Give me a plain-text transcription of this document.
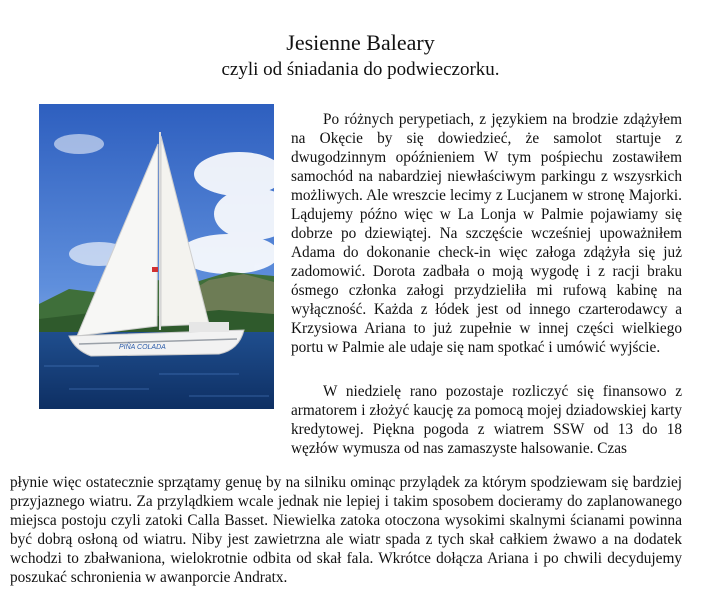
Jesienne Baleary
czyli od śniadania do podwieczorku.
PIÑA COLADA

Po różnych perypetiach, z językiem na brodzie zdążyłem na Okęcie by się dowiedzieć, że samolot startuje z dwugodzinnym opóźnieniem W tym pośpiechu zostawiłem samochód na nabardziej niewłaściwym parkingu z wszysrkich możliwych. Ale wreszcie lecimy z Lucjanem w stronę Majorki. Lądujemy późno więc w La Lonja w Palmie pojawiamy się dobrze po dziewiątej. Na szczęście wcześniej upoważniłem Adama do dokonanie check-in więc załoga zdążyła się już zadomowić. Dorota zadbała o moją wygodę i z racji braku ósmego członka załogi przydzieliła mi rufową kabinę na wyłączność. Każda z łódek jest od innego czarterodawcy a Krzysiowa Ariana to już zupełnie w innej części wielkiego portu w Palmie ale udaje się nam spotkać i umówić wyjście.

W niedzielę rano pozostaje rozliczyć się finansowo z armatorem i złożyć kaucję za pomocą mojej dziadowskiej karty kredytowej. Piękna pogoda z wiatrem SSW od 13 do 18 węzłów wymusza od nas zamaszyste halsowanie. Czas

płynie więc ostatecznie sprzątamy genuę by na silniku ominąc przylądek za którym spodziewam się bardziej przyjaznego wiatru. Za przylądkiem wcale jednak nie lepiej i takim sposobem docieramy do zaplanowanego miejsca postoju czyli zatoki Calla Basset. Niewielka zatoka otoczona wysokimi skalnymi ścianami powinna być dobrą osłoną od wiatru. Niby jest zawietrzna ale wiatr spada z tych skał całkiem żwawo a na dodatek wchodzi to zbałwaniona, wielokrotnie odbita od skał fala. Wkrótce dołącza Ariana i po chwili decydujemy poszukać schronienia w awanporcie Andratx.
